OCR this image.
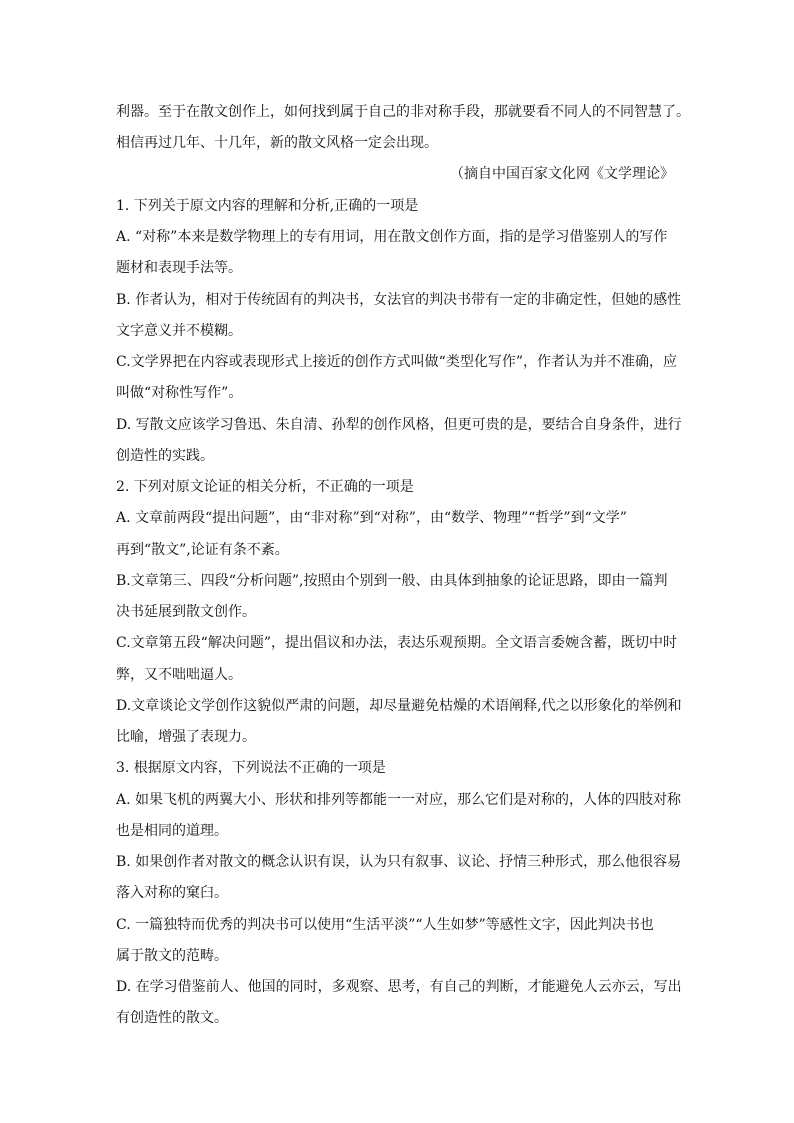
利器。至于在散文创作上，如何找到属于自己的非对称手段，那就要看不同人的不同智慧了。
相信再过几年、十几年，新的散文风格一定会出现。
（摘自中国百家文化网《文学理论》
1. 下列关于原文内容的理解和分析,正确的一项是
A. “对称”本来是数学物理上的专有用词，用在散文创作方面，指的是学习借鉴别人的写作
题材和表现手法等。
B. 作者认为，相对于传统固有的判决书，女法官的判决书带有一定的非确定性，但她的感性
文字意义并不模糊。
C.文学界把在内容或表现形式上接近的创作方式叫做“类型化写作”，作者认为并不准确，应
叫做“对称性写作”。
D. 写散文应该学习鲁迅、朱自清、孙犁的创作风格，但更可贵的是，要结合自身条件，进行
创造性的实践。
2. 下列对原文论证的相关分析，不正确的一项是
A. 文章前两段“提出问题”，由“非对称”到“对称”，由“数学、物理”“哲学”到“文学”
再到“散文”,论证有条不紊。
B.文章第三、四段“分析问题”,按照由个别到一般、由具体到抽象的论证思路，即由一篇判
决书延展到散文创作。
C.文章第五段“解决问题”，提出倡议和办法，表达乐观预期。全文语言委婉含蓄，既切中时
弊，又不咄咄逼人。
D.文章谈论文学创作这貌似严肃的问题，却尽量避免枯燥的术语阐释,代之以形象化的举例和
比喻，增强了表现力。
3. 根据原文内容，下列说法不正确的一项是
A. 如果飞机的两翼大小、形状和排列等都能一一对应，那么它们是对称的，人体的四肢对称
也是相同的道理。
B. 如果创作者对散文的概念认识有误，认为只有叙事、议论、抒情三种形式，那么他很容易
落入对称的窠臼。
C. 一篇独特而优秀的判决书可以使用“生活平淡”“人生如梦”等感性文字，因此判决书也
属于散文的范畴。
D. 在学习借鉴前人、他国的同时，多观察、思考，有自己的判断，才能避免人云亦云，写出
有创造性的散文。
